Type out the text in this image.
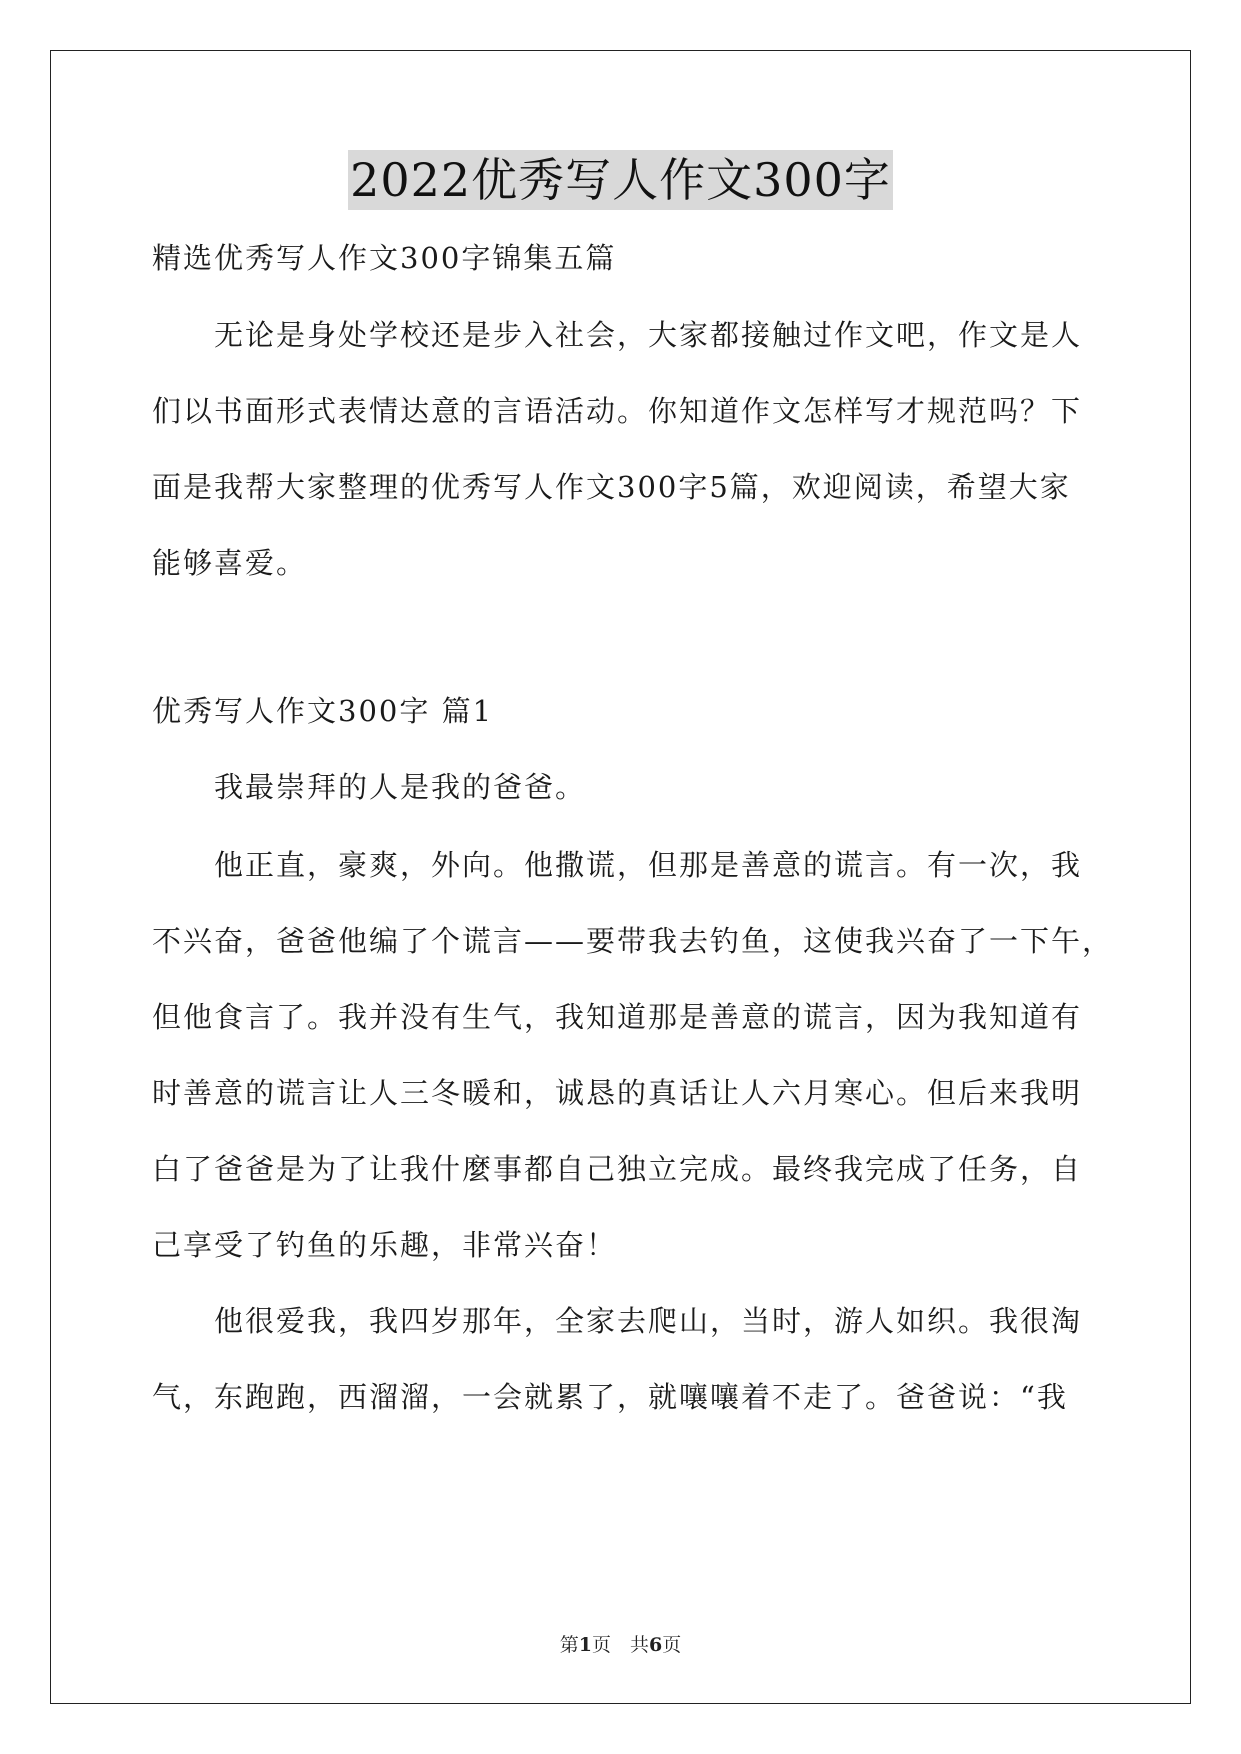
2022优秀写人作文300字
精选优秀写人作文300字锦集五篇
　　无论是身处学校还是步入社会，大家都接触过作文吧，作文是人
们以书面形式表情达意的言语活动。你知道作文怎样写才规范吗？下
面是我帮大家整理的优秀写人作文300字5篇，欢迎阅读，希望大家
能够喜爱。
优秀写人作文300字 篇1
　　我最崇拜的人是我的爸爸。
　　他正直，豪爽，外向。他撒谎，但那是善意的谎言。有一次，我
不兴奋，爸爸他编了个谎言——要带我去钓鱼，这使我兴奋了一下午，
但他食言了。我并没有生气，我知道那是善意的谎言，因为我知道有
时善意的谎言让人三冬暖和，诚恳的真话让人六月寒心。但后来我明
白了爸爸是为了让我什麼事都自己独立完成。最终我完成了任务，自
己享受了钓鱼的乐趣，非常兴奋！
　　他很爱我，我四岁那年，全家去爬山，当时，游人如织。我很淘
气，东跑跑，西溜溜，一会就累了，就嚷嚷着不走了。爸爸说：“我
第1页　共6页
